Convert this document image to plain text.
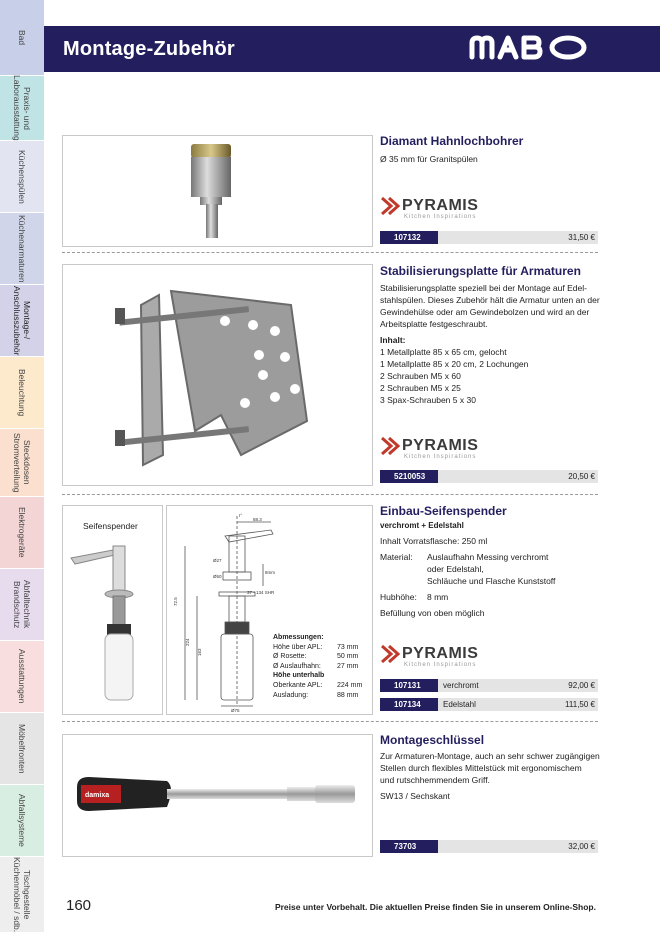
Bad
Praxis- und
Laborausstattung
Küchenspülen
Küchenarmaturen
Montage-/
Anschlusszubehör
Beleuchtung
Steckdosen
Stromverteilung
Elektrogeräte
Abfalltechnik
Brandschutz
Ausstattungen
Möbelfronten
Abfallsysteme
Tischgestelle
Küchenmöbel / sdb.
Montage-Zubehör
Diamant Hahnlochbohrer
Ø 35 mm für Granitspülen
PYRAMIS
Kitchen Inspirations
107132	31,50 €
Stabilisierungsplatte für Armaturen
Stabilisierungsplatte speziell bei der Montage auf Edel-
stahlspülen. Dieses Zubehör hält die Armatur unten an der
Gewindehülse oder am Gewindebolzen und wird an der
Arbeitsplatte festgeschraubt.
Inhalt:
1 Metallplatte 85 x 65 cm, gelocht
1 Metallplatte 85 x 20 cm, 2 Lochungen
2 Schrauben M5 x 60
2 Schrauben M5 x 25
3 Spax-Schrauben 5 x 30
PYRAMIS
Kitchen Inspirations
5210053	20,50 €
Seifenspender
I°
88.3
8mm
Ø27
Ø50
37 - 134 SHR
72.5
224
163
Ø75
Abmessungen:
Höhe über APL:	73 mm
Ø Rosette:	50 mm
Ø Auslaufhahn:	27 mm
Höhe unterhalb
Oberkante APL:	224 mm
Ausladung:	88 mm
Einbau-Seifenspender
verchromt + Edelstahl
Inhalt Vorratsflasche: 250 ml
Material:	Auslaufhahn Messing verchromt
oder Edelstahl,
Schläuche und Flasche Kunststoff
Hubhöhe:	8 mm
Befüllung von oben möglich
PYRAMIS
Kitchen Inspirations
107131	verchromt	92,00 €
107134	Edelstahl	111,50 €
damixa
Montageschlüssel
Zur Armaturen-Montage, auch an sehr schwer zugängigen
Stellen durch flexibles Mittelstück mit ergonomischem
und rutschhemmendem Griff.
SW13 / Sechskant
73703	32,00 €
160	Preise unter Vorbehalt. Die aktuellen Preise finden Sie in unserem Online-Shop.
